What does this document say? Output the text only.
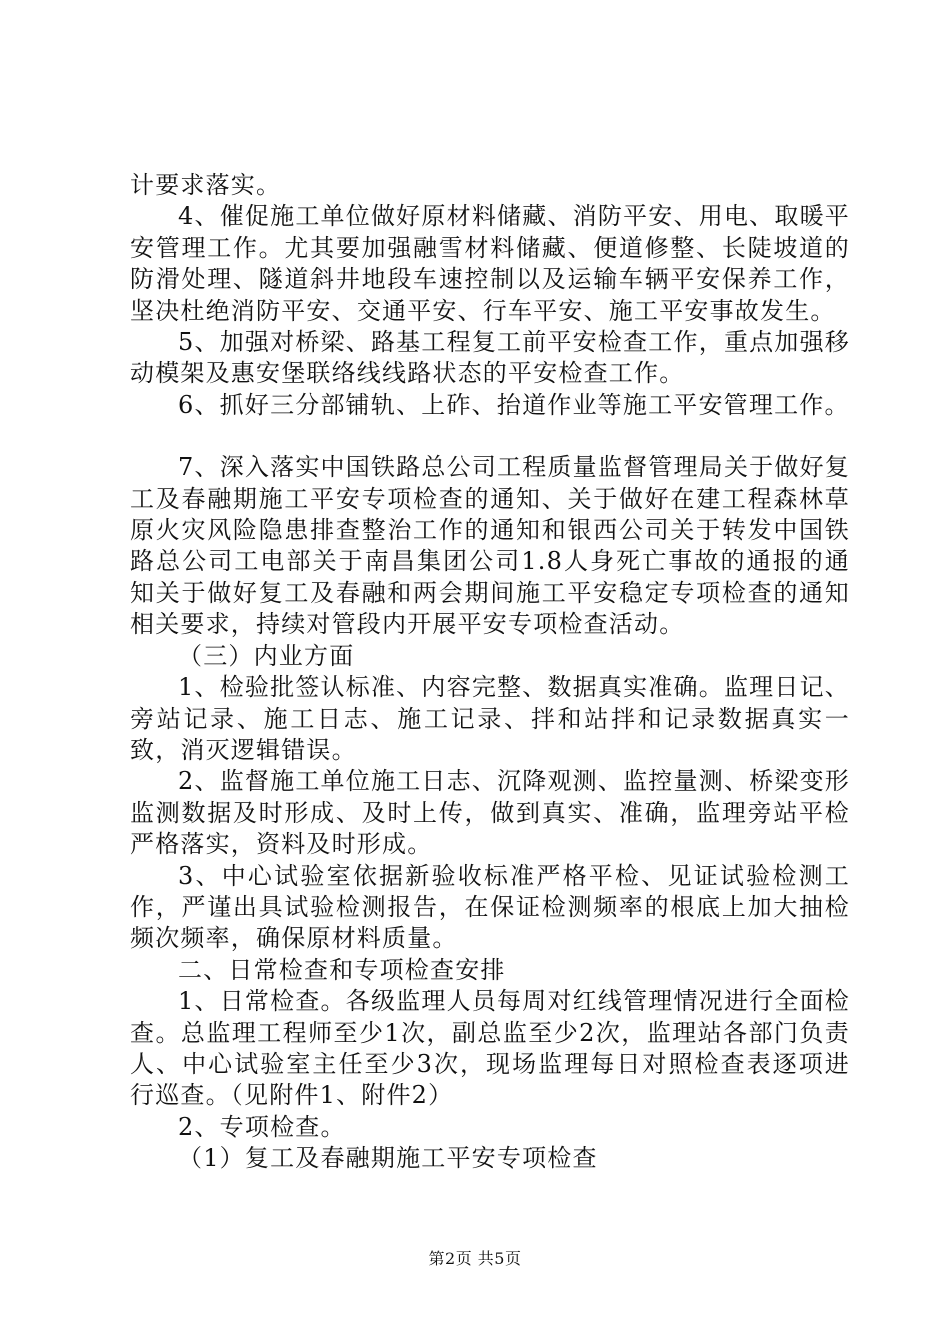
计要求落实。

4、催促施工单位做好原材料储藏、消防平安、用电、取暖平安管理工作。尤其要加强融雪材料储藏、便道修整、长陡坡道的防滑处理、隧道斜井地段车速控制以及运输车辆平安保养工作，坚决杜绝消防平安、交通平安、行车平安、施工平安事故发生。

5、加强对桥梁、路基工程复工前平安检查工作，重点加强移动模架及惠安堡联络线线路状态的平安检查工作。

6、抓好三分部铺轨、上砟、抬道作业等施工平安管理工作。

7、深入落实中国铁路总公司工程质量监督管理局关于做好复工及春融期施工平安专项检查的通知、关于做好在建工程森林草原火灾风险隐患排查整治工作的通知和银西公司关于转发中国铁路总公司工电部关于南昌集团公司1.8人身死亡事故的通报的通知关于做好复工及春融和两会期间施工平安稳定专项检查的通知相关要求，持续对管段内开展平安专项检查活动。

（三）内业方面

1、检验批签认标准、内容完整、数据真实准确。监理日记、旁站记录、施工日志、施工记录、拌和站拌和记录数据真实一致，消灭逻辑错误。

2、监督施工单位施工日志、沉降观测、监控量测、桥梁变形监测数据及时形成、及时上传，做到真实、准确，监理旁站平检严格落实，资料及时形成。

3、中心试验室依据新验收标准严格平检、见证试验检测工作，严谨出具试验检测报告，在保证检测频率的根底上加大抽检频次频率，确保原材料质量。

二、日常检查和专项检查安排

1、日常检查。各级监理人员每周对红线管理情况进行全面检查。总监理工程师至少1次，副总监至少2次，监理站各部门负责人、中心试验室主任至少3次，现场监理每日对照检查表逐项进行巡查。（见附件1、附件2）

2、专项检查。

（1）复工及春融期施工平安专项检查

第2页 共5页
